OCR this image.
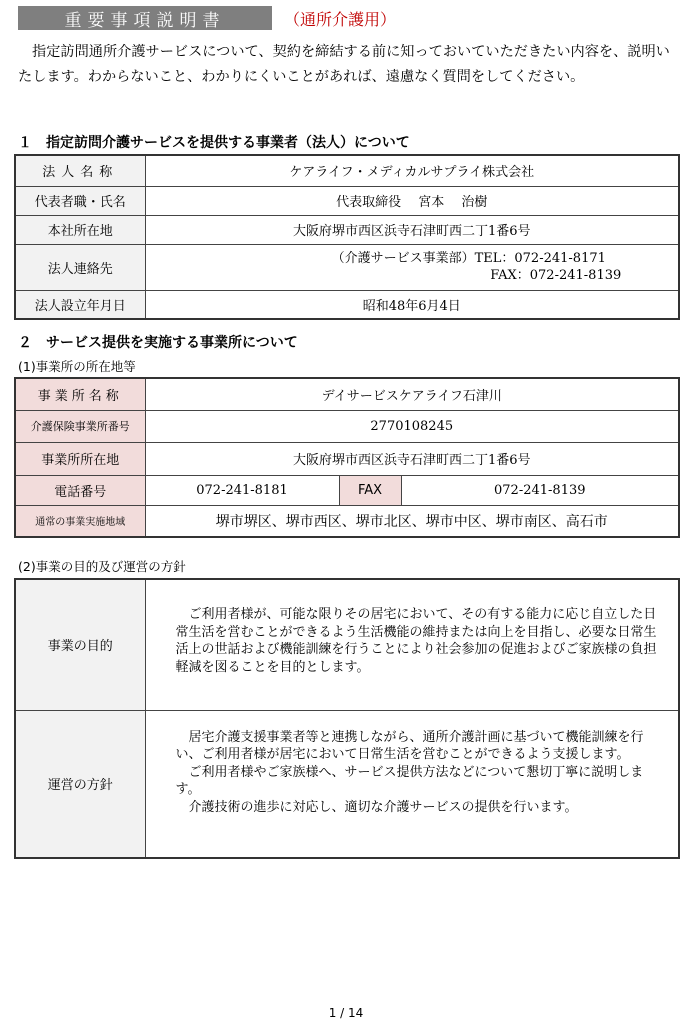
重要事項説明書	（通所介護用）
指定訪問通所介護サービスについて、契約を締結する前に知っておいていただきたい内容を、説明いたします。わからないこと、わかりにくいことがあれば、遠慮なく質問をしてください。
１　指定訪問介護サービスを提供する事業者（法人）について
法人名称	ケアライフ・メディカルサプライ株式会社
代表者職・氏名	代表取締役　 宮本　 治樹
本社所在地	大阪府堺市西区浜寺石津町西二丁1番6号
法人連絡先	（介護サービス事業部）TEL：072-241-8171
FAX：072-241-8139

法人設立年月日	昭和48年6月4日
２　サービス提供を実施する事業所について
(1)事業所の所在地等
事業所名称	デイサービスケアライフ石津川		
介護保険事業所番号	2770108245		
事業所所在地	大阪府堺市西区浜寺石津町西二丁1番6号		
電話番号	072-241-8181	FAX	072-241-8139
通常の事業実施地域	堺市堺区、堺市西区、堺市北区、堺市中区、堺市南区、高石市		
(2)事業の目的及び運営の方針
事業の目的	ご利用者様が、可能な限りその居宅において、その有する能力に応じ自立した日常生活を営むことができるよう生活機能の維持または向上を目指し、必要な日常生活上の世話および機能訓練を行うことにより社会参加の促進およびご家族様の負担軽減を図ることを目的とします。

運営の方針	居宅介護支援事業者等と連携しながら、通所介護計画に基づいて機能訓練を行い、ご利用者様が居宅において日常生活を営むことができるよう支援します。

ご利用者様やご家族様へ、サービス提供方法などについて懇切丁寧に説明します。

介護技術の進歩に対応し、適切な介護サービスの提供を行います。

1 / 14
